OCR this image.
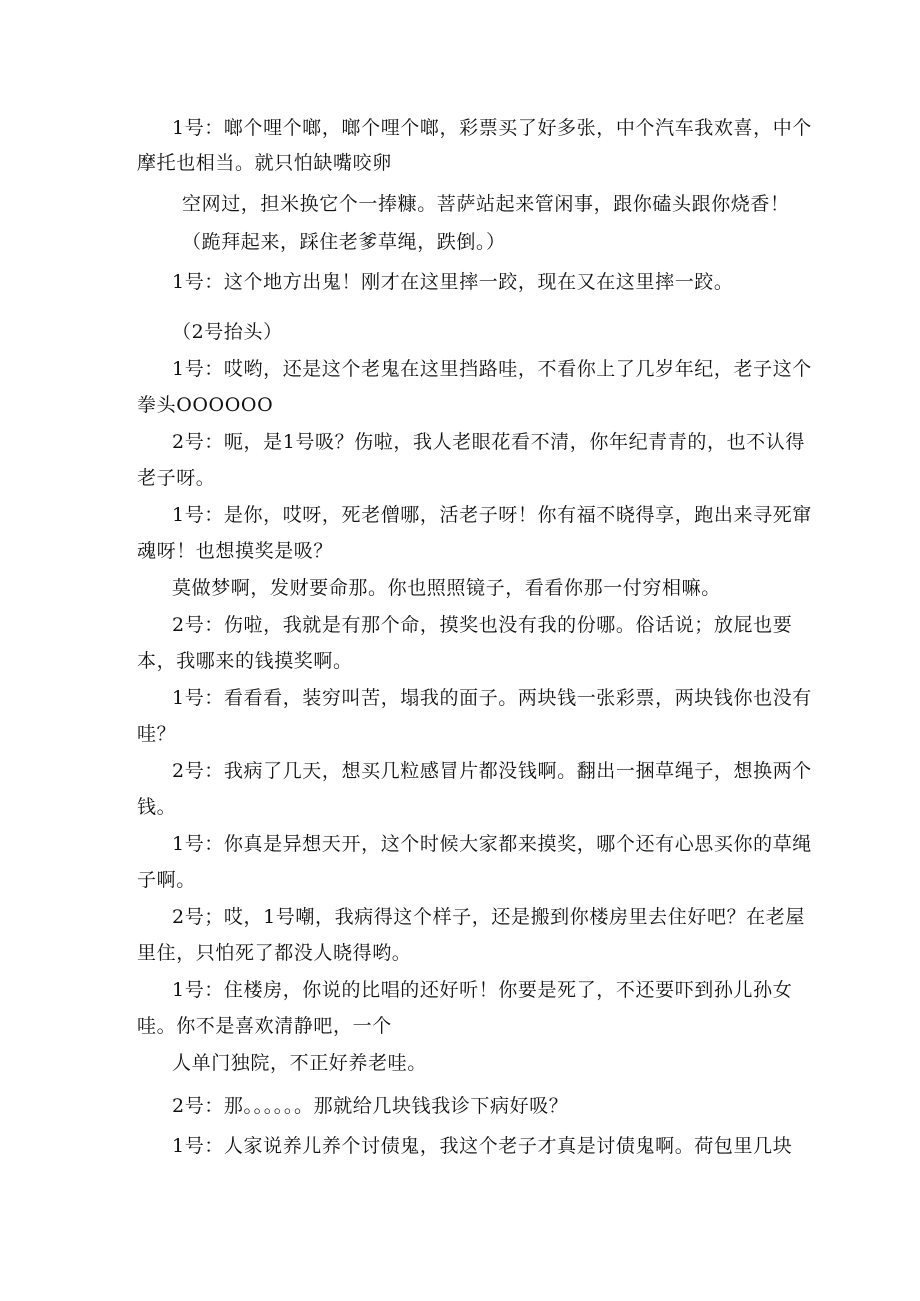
1号：啷个哩个啷，啷个哩个啷，彩票买了好多张，中个汽车我欢喜，中个
摩托也相当。就只怕缺嘴咬卵
空网过，担米换它个一捧糠。菩萨站起来管闲事，跟你磕头跟你烧香！
（跪拜起来，踩住老爹草绳，跌倒。）
1号：这个地方出鬼！刚才在这里摔一跤，现在又在这里摔一跤。
（2号抬头）
1号：哎哟，还是这个老鬼在这里挡路哇，不看你上了几岁年纪，老子这个
拳头OOOOOO
2号：呃，是1号吸？伤啦，我人老眼花看不清，你年纪青青的，也不认得
老子呀。
1号：是你，哎呀，死老僧哪，活老子呀！你有福不晓得享，跑出来寻死窜
魂呀！也想摸奖是吸？
莫做梦啊，发财要命那。你也照照镜子，看看你那一付穷相嘛。
2号：伤啦，我就是有那个命，摸奖也没有我的份哪。俗话说；放屁也要
本，我哪来的钱摸奖啊。
1号：看看看，装穷叫苦，塌我的面子。两块钱一张彩票，两块钱你也没有
哇？
2号：我病了几天，想买几粒感冒片都没钱啊。翻出一捆草绳子，想换两个
钱。
1号：你真是异想天开，这个时候大家都来摸奖，哪个还有心思买你的草绳
子啊。
2号；哎，1号嘲，我病得这个样子，还是搬到你楼房里去住好吧？在老屋
里住，只怕死了都没人晓得哟。
1号：住楼房，你说的比唱的还好听！你要是死了，不还要吓到孙儿孙女
哇。你不是喜欢清静吧，一个
人单门独院，不正好养老哇。
2号：那。。。。。。那就给几块钱我诊下病好吸？
1号：人家说养儿养个讨债鬼，我这个老子才真是讨债鬼啊。荷包里几块
